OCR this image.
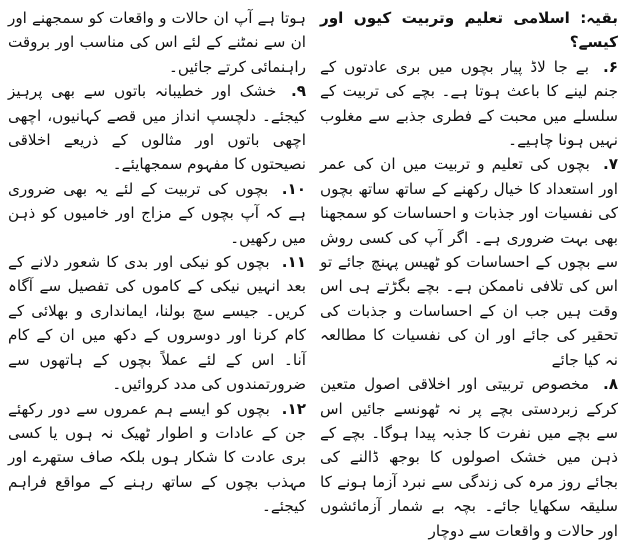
بقیہ: اسلامی تعلیم وتربیت کیوں اور کیسے؟

۶. بے جا لاڈ پیار بچوں میں بری عادتوں کے جنم لینے کا باعث ہوتا ہے۔ بچے کی تربیت کے سلسلے میں محبت کے فطری جذبے سے مغلوب نہیں ہونا چاہیے۔

۷. بچوں کی تعلیم و تربیت میں ان کی عمر اور استعداد کا خیال رکھنے کے ساتھ ساتھ بچوں کی نفسیات اور جذبات و احساسات کو سمجھنا بھی بہت ضروری ہے۔ اگر آپ کی کسی روش سے بچوں کے احساسات کو ٹھیس پہنچ جائے تو اس کی تلافی ناممکن ہے۔ بچے بگڑتے ہی اس وقت ہیں جب ان کے احساسات و جذبات کی تحقیر کی جائے اور ان کی نفسیات کا مطالعہ نہ کیا جائے

۸. مخصوص تربیتی اور اخلاقی اصول متعین کرکے زبردستی بچے پر نہ ٹھونسے جائیں اس سے بچے میں نفرت کا جذبہ پیدا ہوگا۔ بچے کے ذہن میں خشک اصولوں کا بوجھ ڈالنے کی بجائے روز مرہ کی زندگی سے نبرد آزما ہونے کا سلیقہ سکھایا جائے۔ بچہ بے شمار آزمائشوں اور حالات و واقعات سے دوچار

ہوتا ہے آپ ان حالات و واقعات کو سمجھنے اور ان سے نمٹنے کے لئے اس کی مناسب اور بروقت راہنمائی کرتے جائیں۔

۹. خشک اور خطیبانہ باتوں سے بھی پرہیز کیجئے۔ دلچسپ انداز میں قصے کہانیوں، اچھی اچھی باتوں اور مثالوں کے ذریعے اخلاقی نصیحتوں کا مفہوم سمجھایئے۔

۱۰. بچوں کی تربیت کے لئے یہ بھی ضروری ہے کہ آپ بچوں کے مزاج اور خامیوں کو ذہن میں رکھیں۔

۱۱. بچوں کو نیکی اور بدی کا شعور دلانے کے بعد انہیں نیکی کے کاموں کی تفصیل سے آگاہ کریں۔ جیسے سچ بولنا، ایمانداری و بھلائی کے کام کرنا اور دوسروں کے دکھ میں ان کے کام آنا۔ اس کے لئے عملاً بچوں کے ہاتھوں سے ضرورتمندوں کی مدد کروائیں۔

۱۲. بچوں کو ایسے ہم عمروں سے دور رکھئے جن کے عادات و اطوار ٹھیک نہ ہوں یا کسی بری عادت کا شکار ہوں بلکہ صاف ستھرے اور مہذب بچوں کے ساتھ رہنے کے مواقع فراہم کیجئے۔
